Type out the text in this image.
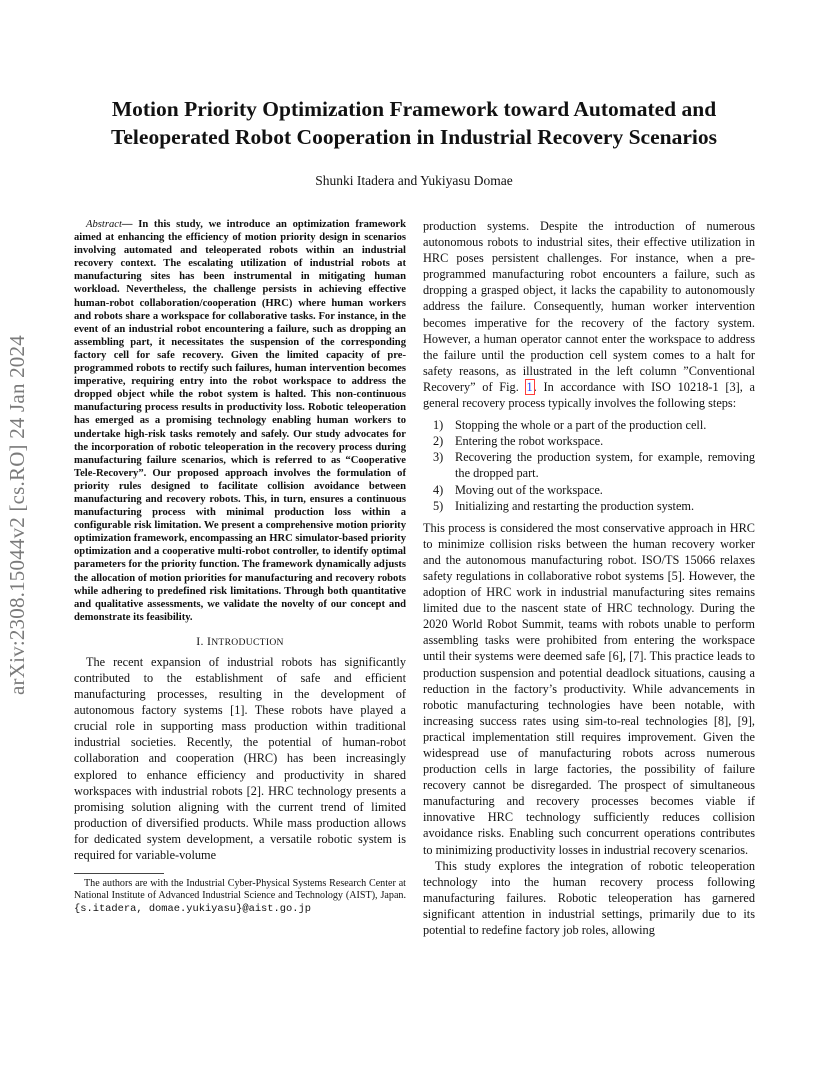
arXiv:2308.15044v2 [cs.RO] 24 Jan 2024
Motion Priority Optimization Framework toward Automated and Teleoperated Robot Cooperation in Industrial Recovery Scenarios
Shunki Itadera and Yukiyasu Domae

Abstract— In this study, we introduce an optimization framework aimed at enhancing the efficiency of motion priority design in scenarios involving automated and teleoperated robots within an industrial recovery context. The escalating utilization of industrial robots at manufacturing sites has been instrumental in mitigating human workload. Nevertheless, the challenge persists in achieving effective human-robot collaboration/cooperation (HRC) where human workers and robots share a workspace for collaborative tasks. For instance, in the event of an industrial robot encountering a failure, such as dropping an assembling part, it necessitates the suspension of the corresponding factory cell for safe recovery. Given the limited capacity of pre-programmed robots to rectify such failures, human intervention becomes imperative, requiring entry into the robot workspace to address the dropped object while the robot system is halted. This non-continuous manufacturing process results in productivity loss. Robotic teleoperation has emerged as a promising technology enabling human workers to undertake high-risk tasks remotely and safely. Our study advocates for the incorporation of robotic teleoperation in the recovery process during manufacturing failure scenarios, which is referred to as “Cooperative Tele-Recovery”. Our proposed approach involves the formulation of priority rules designed to facilitate collision avoidance between manufacturing and recovery robots. This, in turn, ensures a continuous manufacturing process with minimal production loss within a configurable risk limitation. We present a comprehensive motion priority optimization framework, encompassing an HRC simulator-based priority optimization and a cooperative multi-robot controller, to identify optimal parameters for the priority function. The framework dynamically adjusts the allocation of motion priorities for manufacturing and recovery robots while adhering to predefined risk limitations. Through both quantitative and qualitative assessments, we validate the novelty of our concept and demonstrate its feasibility.

I. INTRODUCTION

The recent expansion of industrial robots has significantly contributed to the establishment of safe and efficient manufacturing processes, resulting in the development of autonomous factory systems [1]. These robots have played a crucial role in supporting mass production within traditional industrial societies. Recently, the potential of human-robot collaboration and cooperation (HRC) has been increasingly explored to enhance efficiency and productivity in shared workspaces with industrial robots [2]. HRC technology presents a promising solution aligning with the current trend of limited production of diversified products. While mass production allows for dedicated system development, a versatile robotic system is required for variable-volume

The authors are with the Industrial Cyber-Physical Systems Research Center at National Institute of Advanced Industrial Science and Technology (AIST), Japan. {s.itadera, domae.yukiyasu}@aist.go.jp

production systems. Despite the introduction of numerous autonomous robots to industrial sites, their effective utilization in HRC poses persistent challenges. For instance, when a pre-programmed manufacturing robot encounters a failure, such as dropping a grasped object, it lacks the capability to autonomously address the failure. Consequently, human worker intervention becomes imperative for the recovery of the factory system. However, a human operator cannot enter the workspace to address the failure until the production cell system comes to a halt for safety reasons, as illustrated in the left column ”Conventional Recovery” of Fig. 1. In accordance with ISO 10218-1 [3], a general recovery process typically involves the following steps:

1) Stopping the whole or a part of the production cell.
2) Entering the robot workspace.
3) Recovering the production system, for example, removing the dropped part.
4) Moving out of the workspace.
5) Initializing and restarting the production system.

This process is considered the most conservative approach in HRC to minimize collision risks between the human recovery worker and the autonomous manufacturing robot. ISO/TS 15066 relaxes safety regulations in collaborative robot systems [5]. However, the adoption of HRC work in industrial manufacturing sites remains limited due to the nascent state of HRC technology. During the 2020 World Robot Summit, teams with robots unable to perform assembling tasks were prohibited from entering the workspace until their systems were deemed safe [6], [7]. This practice leads to production suspension and potential deadlock situations, causing a reduction in the factory’s productivity. While advancements in robotic manufacturing technologies have been notable, with increasing success rates using sim-to-real technologies [8], [9], practical implementation still requires improvement. Given the widespread use of manufacturing robots across numerous production cells in large factories, the possibility of failure recovery cannot be disregarded. The prospect of simultaneous manufacturing and recovery processes becomes viable if innovative HRC technology sufficiently reduces collision avoidance risks. Enabling such concurrent operations contributes to minimizing productivity losses in industrial recovery scenarios.

This study explores the integration of robotic teleoperation technology into the human recovery process following manufacturing failures. Robotic teleoperation has garnered significant attention in industrial settings, primarily due to its potential to redefine factory job roles, allowing
